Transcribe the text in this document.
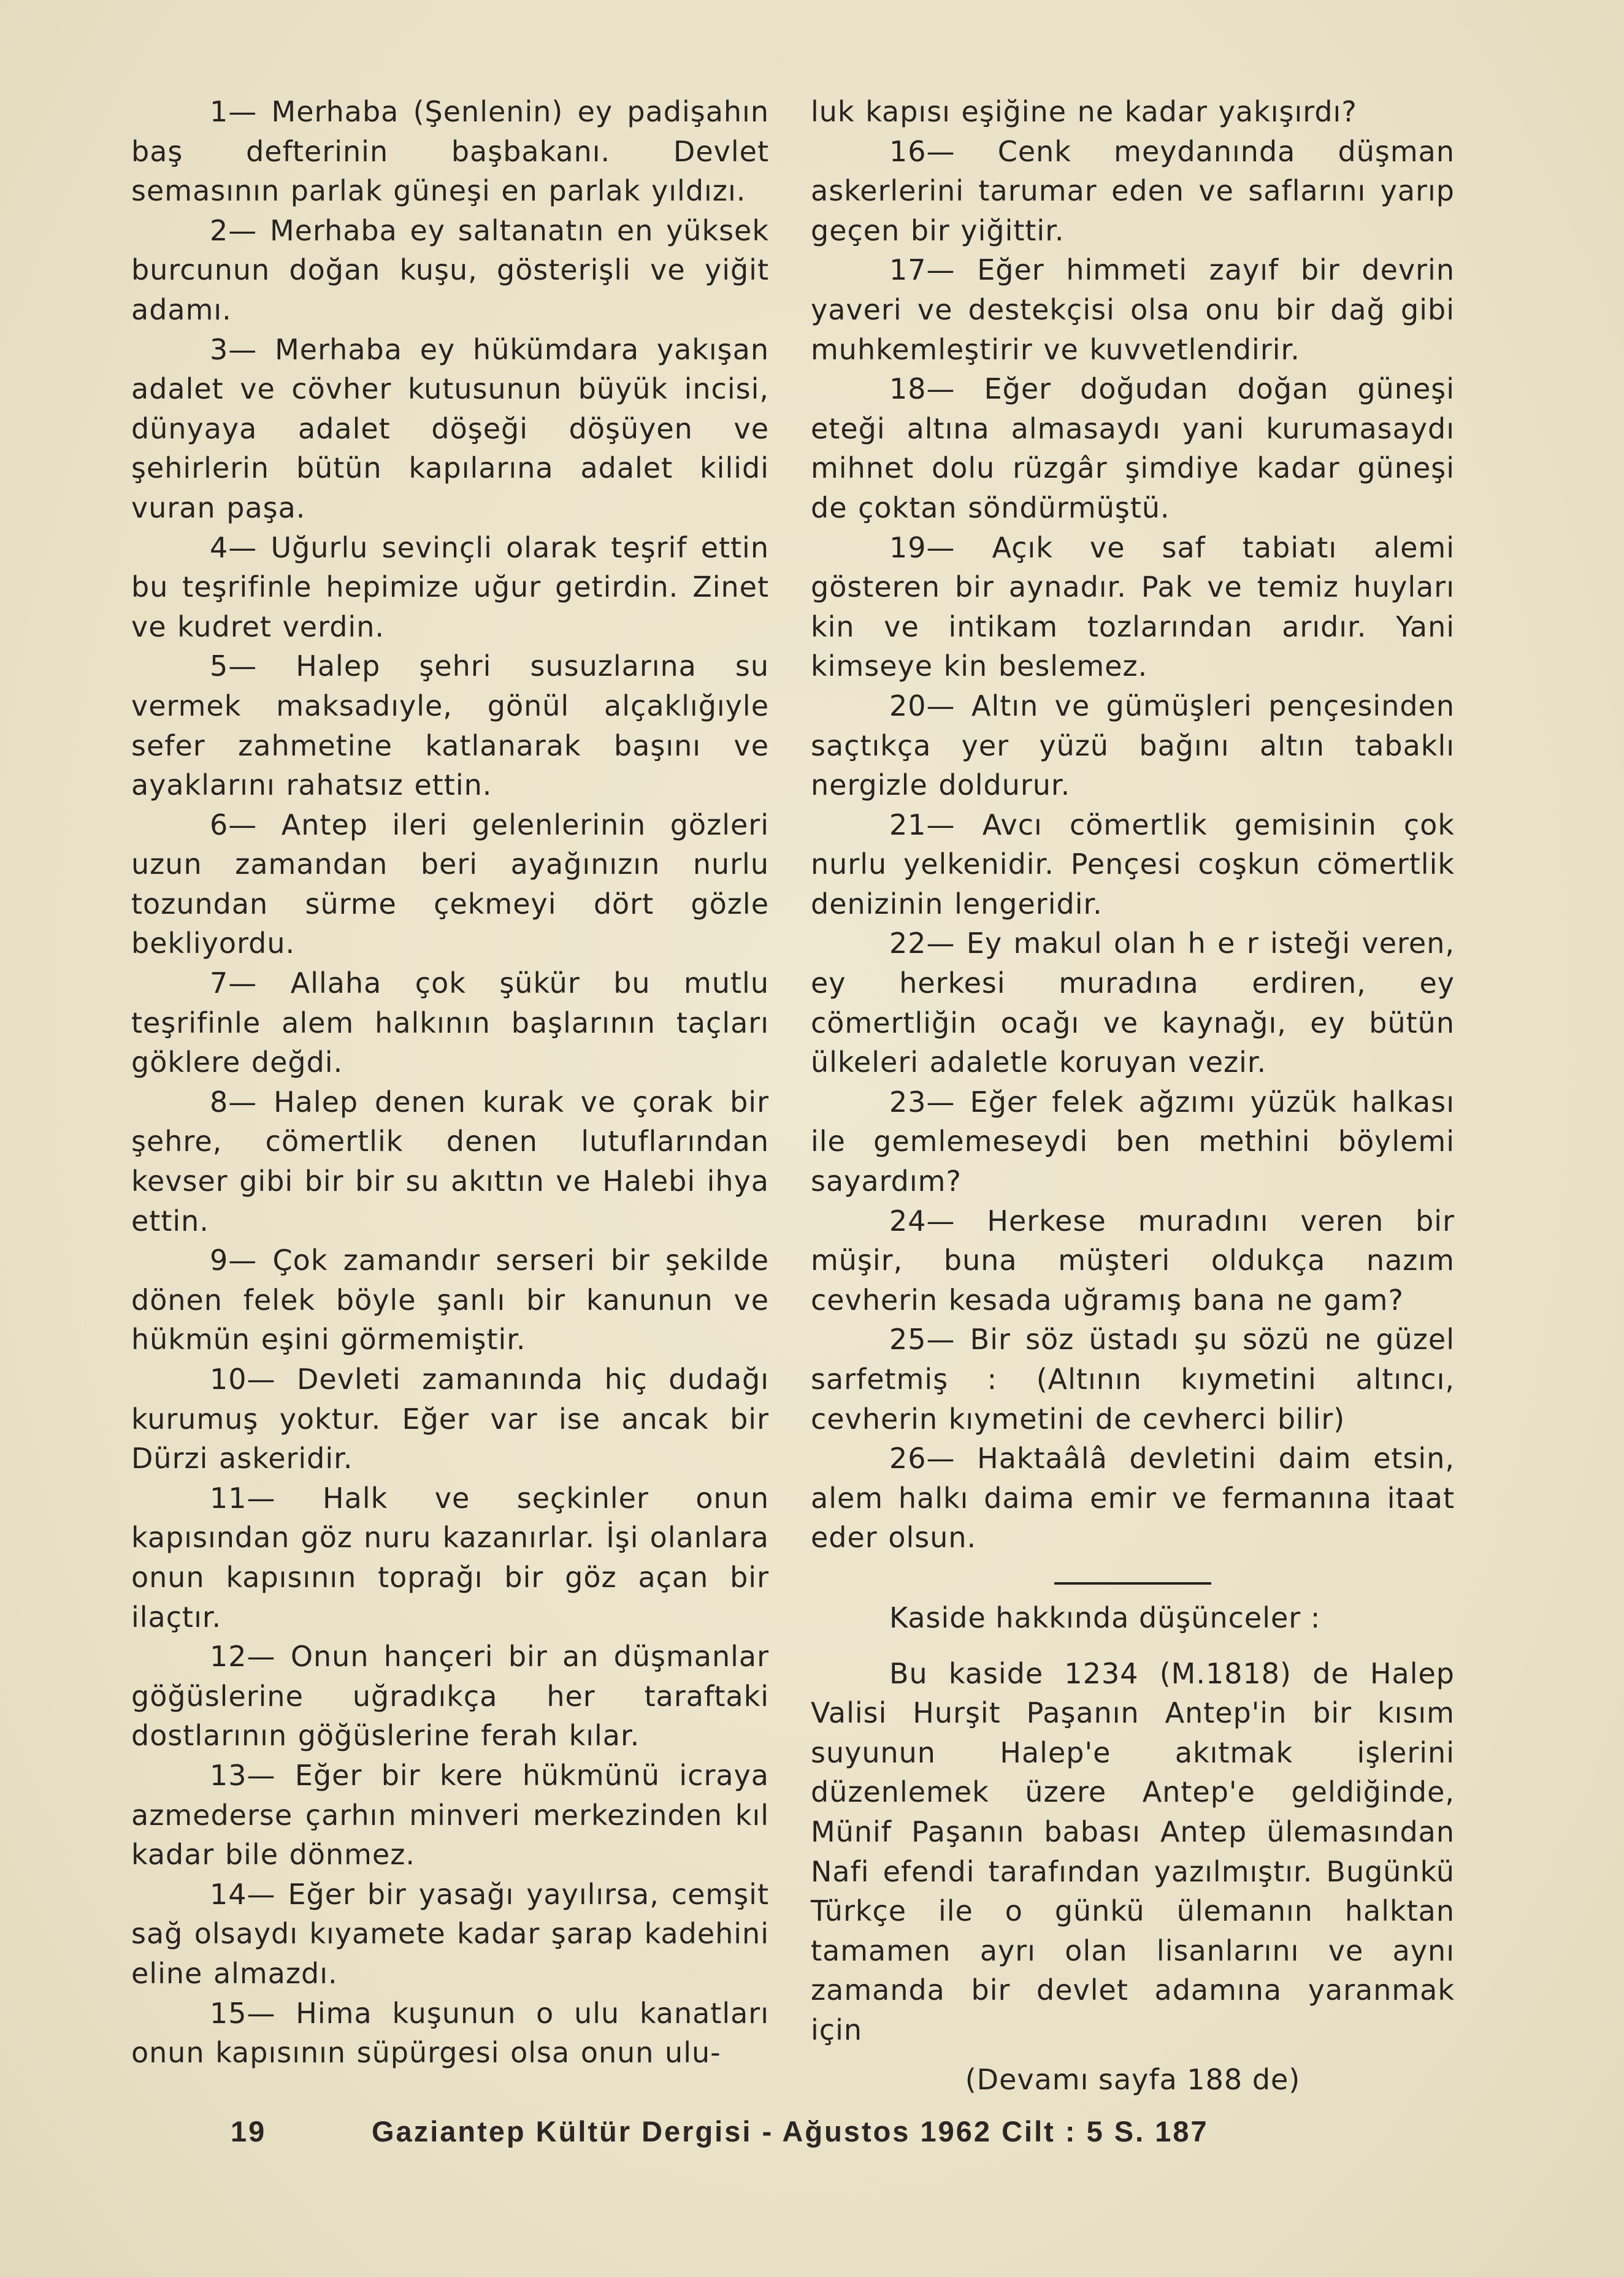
1— Merhaba (Şenlenin) ey padişahın baş defterinin başbakanı. Devlet semasının parlak güneşi en parlak yıldızı.

2— Merhaba ey saltanatın en yüksek burcunun doğan kuşu, gösterişli ve yiğit adamı.

3— Merhaba ey hükümdara yakışan adalet ve cövher kutusunun büyük incisi, dünyaya adalet döşeği döşüyen ve şehirlerin bütün kapılarına adalet kilidi vuran paşa.

4— Uğurlu sevinçli olarak teşrif ettin bu teşrifinle hepimize uğur getirdin. Zinet ve kudret verdin.

5— Halep şehri susuzlarına su vermek maksadıyle, gönül alçaklığıyle sefer zahmetine katlanarak başını ve ayaklarını rahatsız ettin.

6— Antep ileri gelenlerinin gözleri uzun zamandan beri ayağınızın nurlu tozundan sürme çekmeyi dört gözle bekliyordu.

7— Allaha çok şükür bu mutlu teşrifinle alem halkının başlarının taçları göklere değdi.

8— Halep denen kurak ve çorak bir şehre, cömertlik denen lutuflarından kevser gibi bir bir su akıttın ve Halebi ihya ettin.

9— Çok zamandır serseri bir şekilde dönen felek böyle şanlı bir kanunun ve hükmün eşini görmemiştir.

10— Devleti zamanında hiç dudağı kurumuş yoktur. Eğer var ise ancak bir Dürzi askeridir.

11— Halk ve seçkinler onun kapısından göz nuru kazanırlar. İşi olanlara onun kapısının toprağı bir göz açan bir ilaçtır.

12— Onun hançeri bir an düşmanlar göğüslerine uğradıkça her taraftaki dostlarının göğüslerine ferah kılar.

13— Eğer bir kere hükmünü icraya azmederse çarhın minveri merkezinden kıl kadar bile dönmez.

14— Eğer bir yasağı yayılırsa, cemşit sağ olsaydı kıyamete kadar şarap kadehini eline almazdı.

15— Hima kuşunun o ulu kanatları onun kapısının süpürgesi olsa onun ulu-

luk kapısı eşiğine ne kadar yakışırdı?

16— Cenk meydanında düşman askerlerini tarumar eden ve saflarını yarıp geçen bir yiğittir.

17— Eğer himmeti zayıf bir devrin yaveri ve destekçisi olsa onu bir dağ gibi muhkemleştirir ve kuvvetlendirir.

18— Eğer doğudan doğan güneşi eteği altına almasaydı yani kurumasaydı mihnet dolu rüzgâr şimdiye kadar güneşi de çoktan söndürmüştü.

19— Açık ve saf tabiatı alemi gösteren bir aynadır. Pak ve temiz huyları kin ve intikam tozlarından arıdır. Yani kimseye kin beslemez.

20— Altın ve gümüşleri pençesinden saçtıkça yer yüzü bağını altın tabaklı nergizle doldurur.

21— Avcı cömertlik gemisinin çok nurlu yelkenidir. Pençesi coşkun cömertlik denizinin lengeridir.

22— Ey makul olan h e r isteği veren, ey herkesi muradına erdiren, ey cömertliğin ocağı ve kaynağı, ey bütün ülkeleri adaletle koruyan vezir.

23— Eğer felek ağzımı yüzük halkası ile gemlemeseydi ben methini böylemi sayardım?

24— Herkese muradını veren bir müşir, buna müşteri oldukça nazım cevherin kesada uğramış bana ne gam?

25— Bir söz üstadı şu sözü ne güzel sarfetmiş : (Altının kıymetini altıncı, cevherin kıymetini de cevherci bilir)

26— Haktaâlâ devletini daim etsin, alem halkı daima emir ve fermanına itaat eder olsun.

Kaside hakkında düşünceler :

Bu kaside 1234 (M.1818) de Halep Valisi Hurşit Paşanın Antep'in bir kısım suyunun Halep'e akıtmak işlerini düzenlemek üzere Antep'e geldiğinde, Münif Paşanın babası Antep ülemasından Nafi efendi tarafından yazılmıştır. Bugünkü Türkçe ile o günkü ülemanın halktan tamamen ayrı olan lisanlarını ve aynı zamanda bir devlet adamına yaranmak için

(Devamı sayfa 188 de)
19	Gaziantep Kültür Dergisi - Ağustos 1962 Cilt : 5 S. 187
